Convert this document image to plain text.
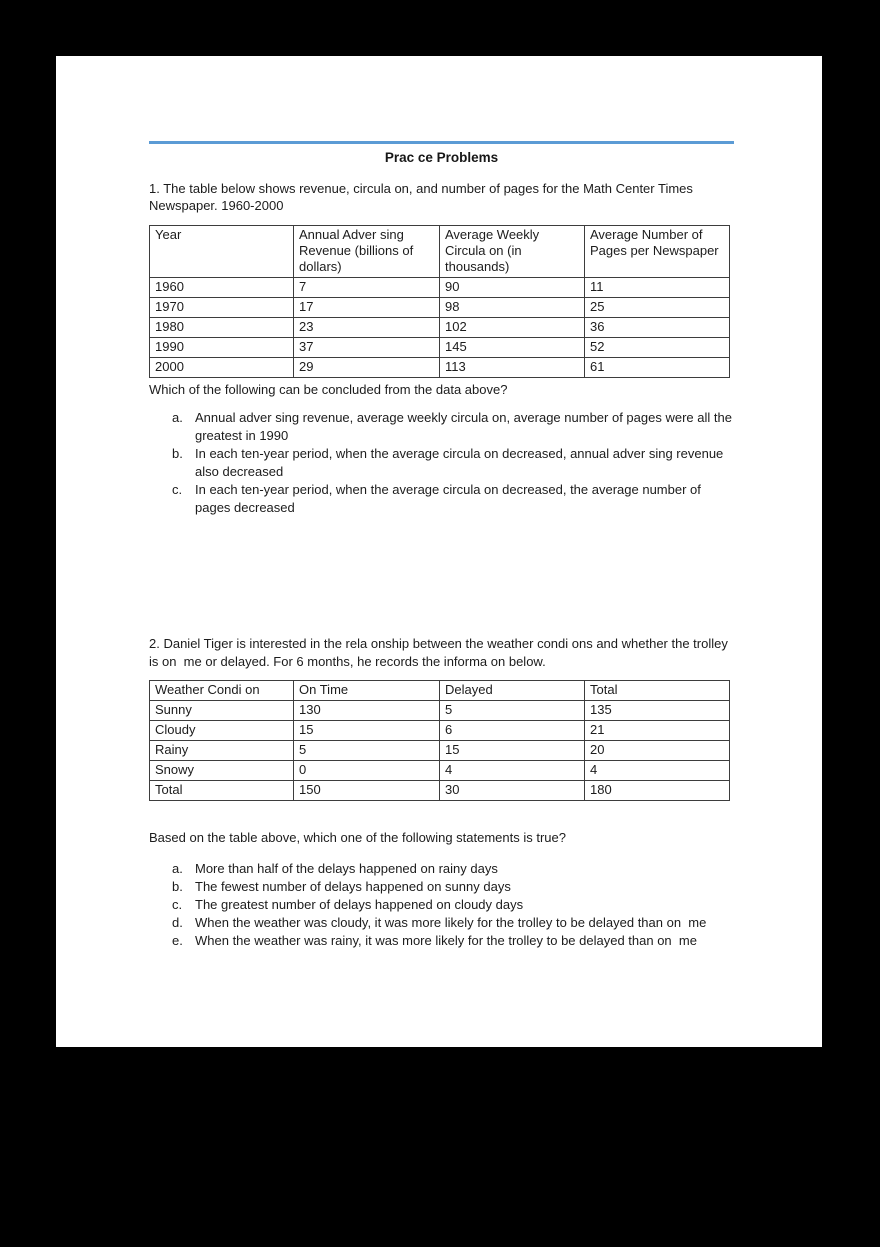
Prac ce Problems
1. The table below shows revenue, circula on, and number of pages for the Math Center Times Newspaper. 1960-2000
Year	Annual Adver sing Revenue (billions of dollars)	Average Weekly Circula on (in thousands)	Average Number of Pages per Newspaper
1960	7	90	11
1970	17	98	25
1980	23	102	36
1990	37	145	52
2000	29	113	61
Which of the following can be concluded from the data above?
a. Annual adver sing revenue, average weekly circula on, average number of pages were all the greatest in 1990
b. In each ten-year period, when the average circula on decreased, annual adver sing revenue also decreased
c. In each ten-year period, when the average circula on decreased, the average number of pages decreased
2. Daniel Tiger is interested in the rela onship between the weather condi ons and whether the trolley is on  me or delayed. For 6 months, he records the informa on below.
Weather Condi on	On Time	Delayed	Total
Sunny	130	5	135
Cloudy	15	6	21
Rainy	5	15	20
Snowy	0	4	4
Total	150	30	180
Based on the table above, which one of the following statements is true?
a. More than half of the delays happened on rainy days
b. The fewest number of delays happened on sunny days
c. The greatest number of delays happened on cloudy days
d. When the weather was cloudy, it was more likely for the trolley to be delayed than on  me
e. When the weather was rainy, it was more likely for the trolley to be delayed than on  me
